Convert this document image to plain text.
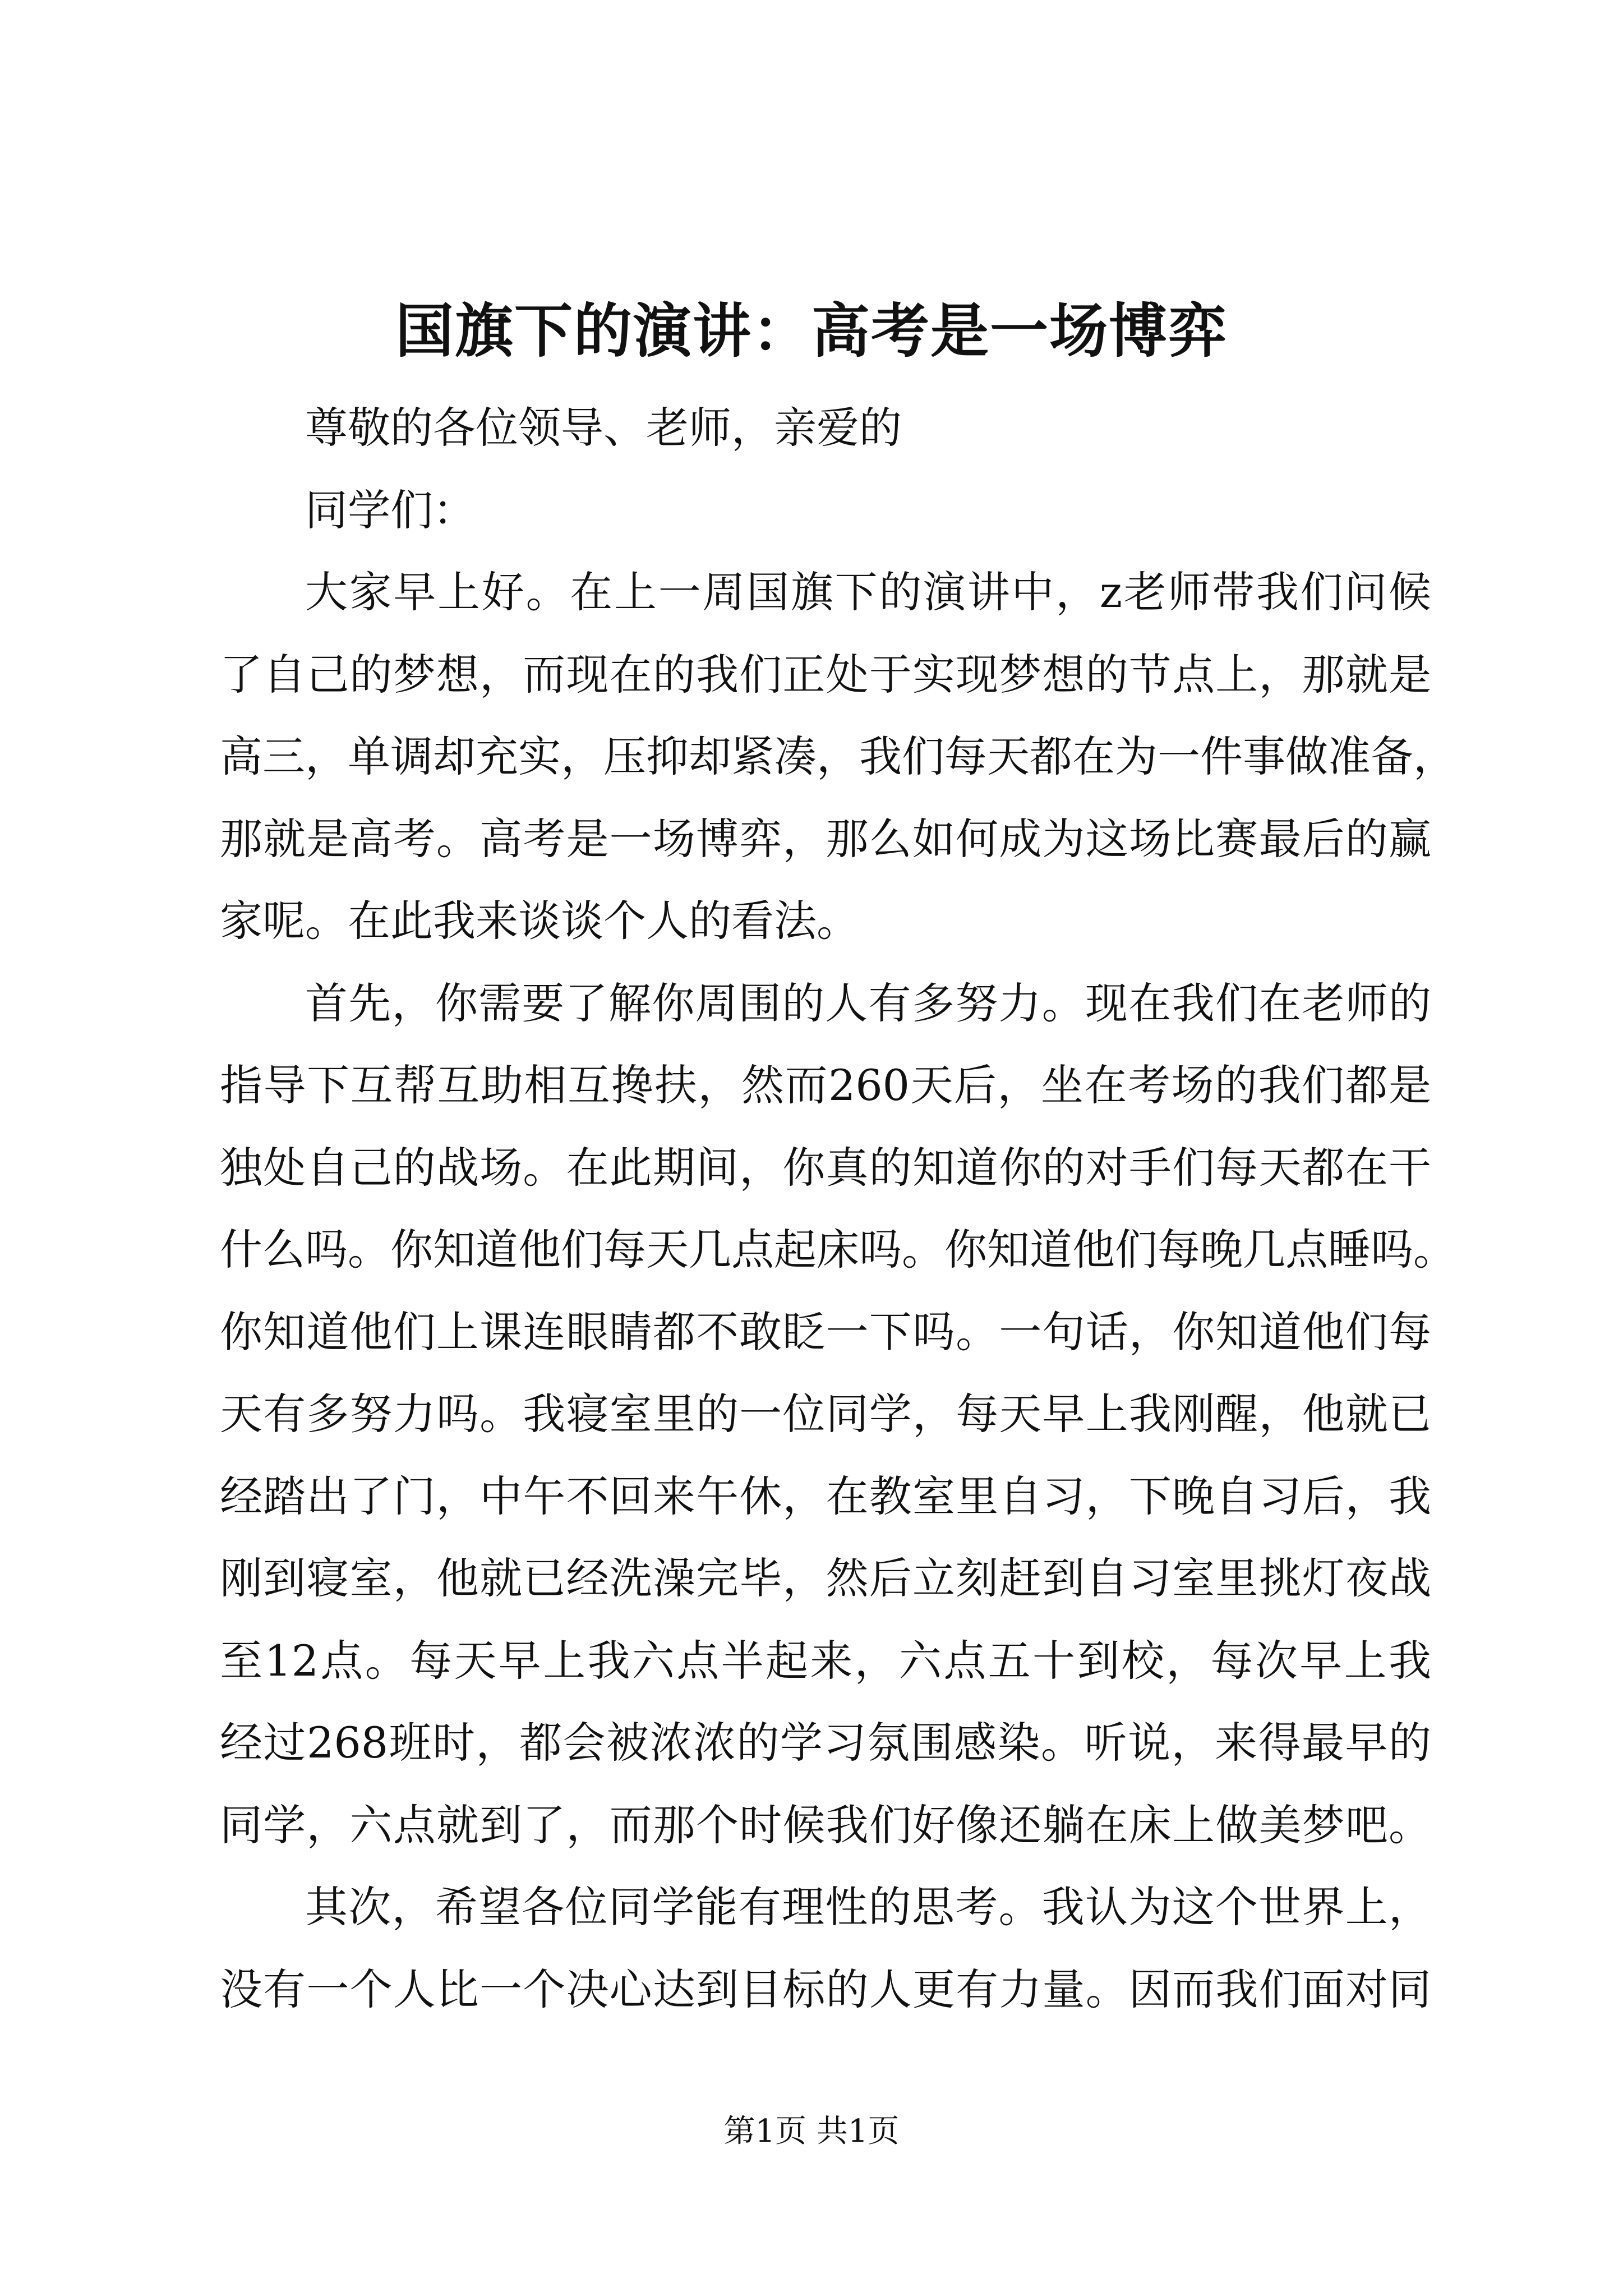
国旗下的演讲：高考是一场博弈
尊敬的各位领导、老师，亲爱的
同学们：
大家早上好。在上一周国旗下的演讲中，z老师带我们问候
了自己的梦想，而现在的我们正处于实现梦想的节点上，那就是
高三，单调却充实，压抑却紧凑，我们每天都在为一件事做准备，
那就是高考。高考是一场博弈，那么如何成为这场比赛最后的赢
家呢。在此我来谈谈个人的看法。
首先，你需要了解你周围的人有多努力。现在我们在老师的
指导下互帮互助相互搀扶，然而260天后，坐在考场的我们都是
独处自己的战场。在此期间，你真的知道你的对手们每天都在干
什么吗。你知道他们每天几点起床吗。你知道他们每晚几点睡吗。
你知道他们上课连眼睛都不敢眨一下吗。一句话，你知道他们每
天有多努力吗。我寝室里的一位同学，每天早上我刚醒，他就已
经踏出了门，中午不回来午休，在教室里自习，下晚自习后，我
刚到寝室，他就已经洗澡完毕，然后立刻赶到自习室里挑灯夜战
至12点。每天早上我六点半起来，六点五十到校，每次早上我
经过268班时，都会被浓浓的学习氛围感染。听说，来得最早的
同学，六点就到了，而那个时候我们好像还躺在床上做美梦吧。
其次，希望各位同学能有理性的思考。我认为这个世界上，
没有一个人比一个决心达到目标的人更有力量。因而我们面对同
第1页 共1页
